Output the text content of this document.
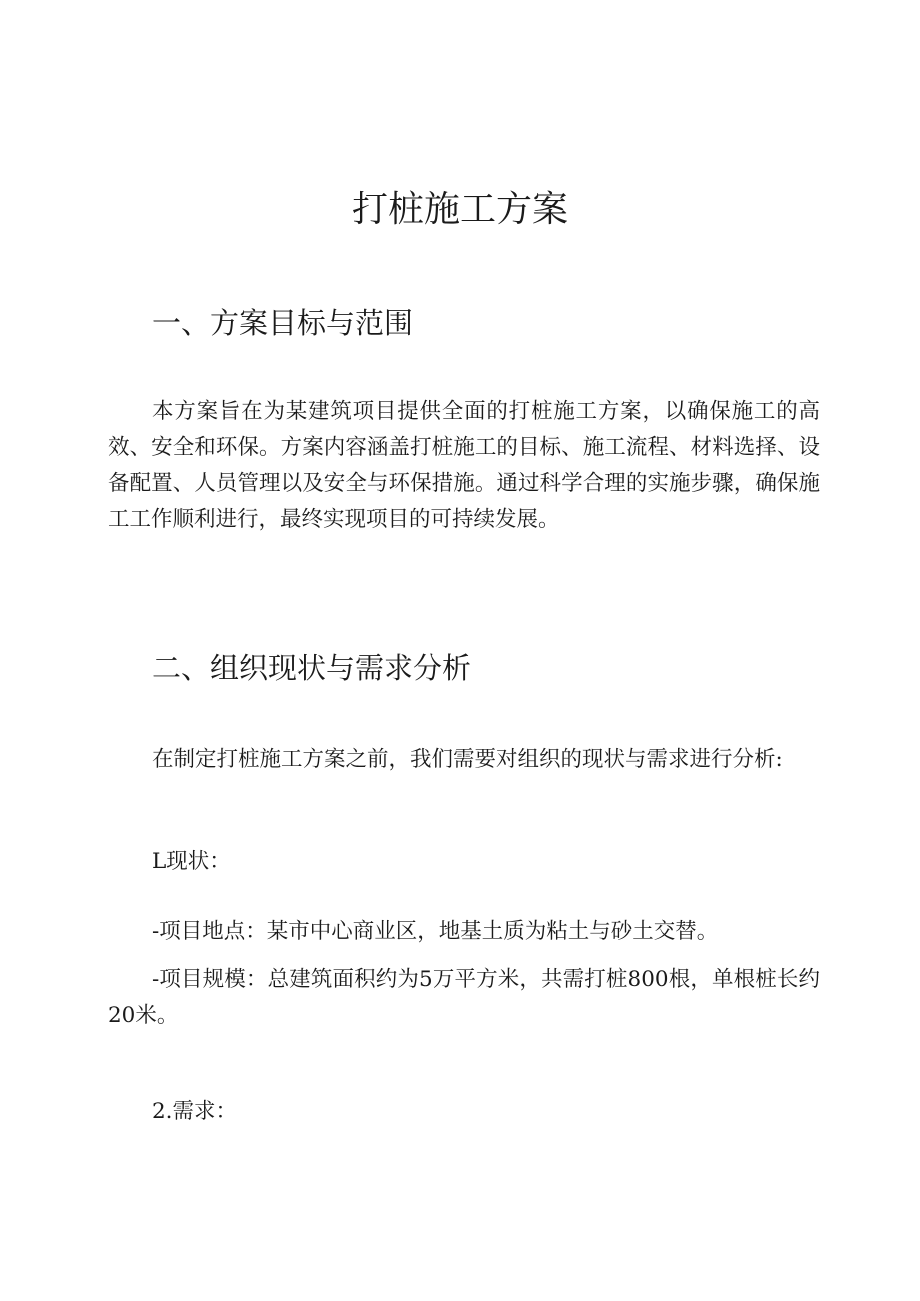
打桩施工方案
一、方案目标与范围

本方案旨在为某建筑项目提供全面的打桩施工方案，以确保施工的高效、安全和环保。方案内容涵盖打桩施工的目标、施工流程、材料选择、设备配置、人员管理以及安全与环保措施。通过科学合理的实施步骤，确保施工工作顺利进行，最终实现项目的可持续发展。

二、组织现状与需求分析

在制定打桩施工方案之前，我们需要对组织的现状与需求进行分析:

L现状：

-项目地点：某市中心商业区，地基土质为粘土与砂土交替。

-项目规模：总建筑面积约为5万平方米，共需打桩800根，单根桩长约20米。

2.需求：
